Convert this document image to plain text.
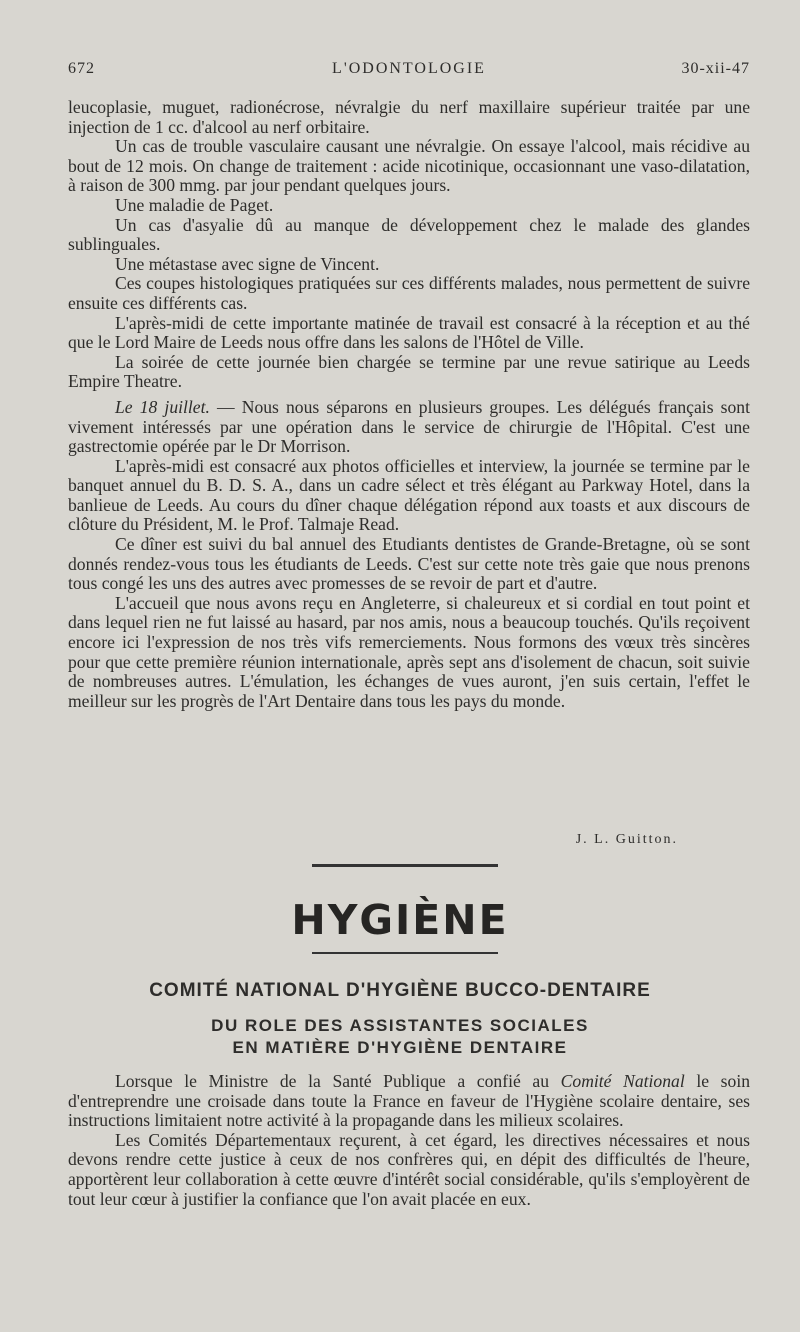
L'ODONTOLOGIE
672	30-xii-47

leucoplasie, muguet, radionécrose, névralgie du nerf maxillaire supérieur traitée par une injection de 1 cc. d'alcool au nerf orbitaire.

Un cas de trouble vasculaire causant une névralgie. On essaye l'alcool, mais récidive au bout de 12 mois. On change de traitement : acide nicotinique, occasionnant une vaso-dilatation, à raison de 300 mmg. par jour pendant quelques jours.

Une maladie de Paget.

Un cas d'asyalie dû au manque de développement chez le malade des glandes sublinguales.

Une métastase avec signe de Vincent.

Ces coupes histologiques pratiquées sur ces différents malades, nous permettent de suivre ensuite ces différents cas.

L'après-midi de cette importante matinée de travail est consacré à la réception et au thé que le Lord Maire de Leeds nous offre dans les salons de l'Hôtel de Ville.

La soirée de cette journée bien chargée se termine par une revue satirique au Leeds Empire Theatre.

Le 18 juillet. — Nous nous séparons en plusieurs groupes. Les délégués français sont vivement intéressés par une opération dans le service de chirurgie de l'Hôpital. C'est une gastrectomie opérée par le Dr Morrison.

L'après-midi est consacré aux photos officielles et interview, la journée se termine par le banquet annuel du B. D. S. A., dans un cadre sélect et très élégant au Parkway Hotel, dans la banlieue de Leeds. Au cours du dîner chaque délégation répond aux toasts et aux discours de clôture du Président, M. le Prof. Talmaje Read.

Ce dîner est suivi du bal annuel des Etudiants dentistes de Grande-Bretagne, où se sont donnés rendez-vous tous les étudiants de Leeds. C'est sur cette note très gaie que nous prenons tous congé les uns des autres avec promesses de se revoir de part et d'autre.

L'accueil que nous avons reçu en Angleterre, si chaleureux et si cordial en tout point et dans lequel rien ne fut laissé au hasard, par nos amis, nous a beaucoup touchés. Qu'ils reçoivent encore ici l'expression de nos très vifs remerciements. Nous formons des vœux très sincères pour que cette première réunion internationale, après sept ans d'isolement de chacun, soit suivie de nombreuses autres. L'émulation, les échanges de vues auront, j'en suis certain, l'effet le meilleur sur les progrès de l'Art Dentaire dans tous les pays du monde.

J. L. Guitton.
HYGIÈNE
COMITÉ NATIONAL D'HYGIÈNE BUCCO-DENTAIRE
DU ROLE DES ASSISTANTES SOCIALES
EN MATIÈRE D'HYGIÈNE DENTAIRE

Lorsque le Ministre de la Santé Publique a confié au Comité National le soin d'entreprendre une croisade dans toute la France en faveur de l'Hygiène scolaire dentaire, ses instructions limitaient notre activité à la propagande dans les milieux scolaires.

Les Comités Départementaux reçurent, à cet égard, les directives nécessaires et nous devons rendre cette justice à ceux de nos confrères qui, en dépit des difficultés de l'heure, apportèrent leur collaboration à cette œuvre d'intérêt social considérable, qu'ils s'employèrent de tout leur cœur à justifier la confiance que l'on avait placée en eux.
